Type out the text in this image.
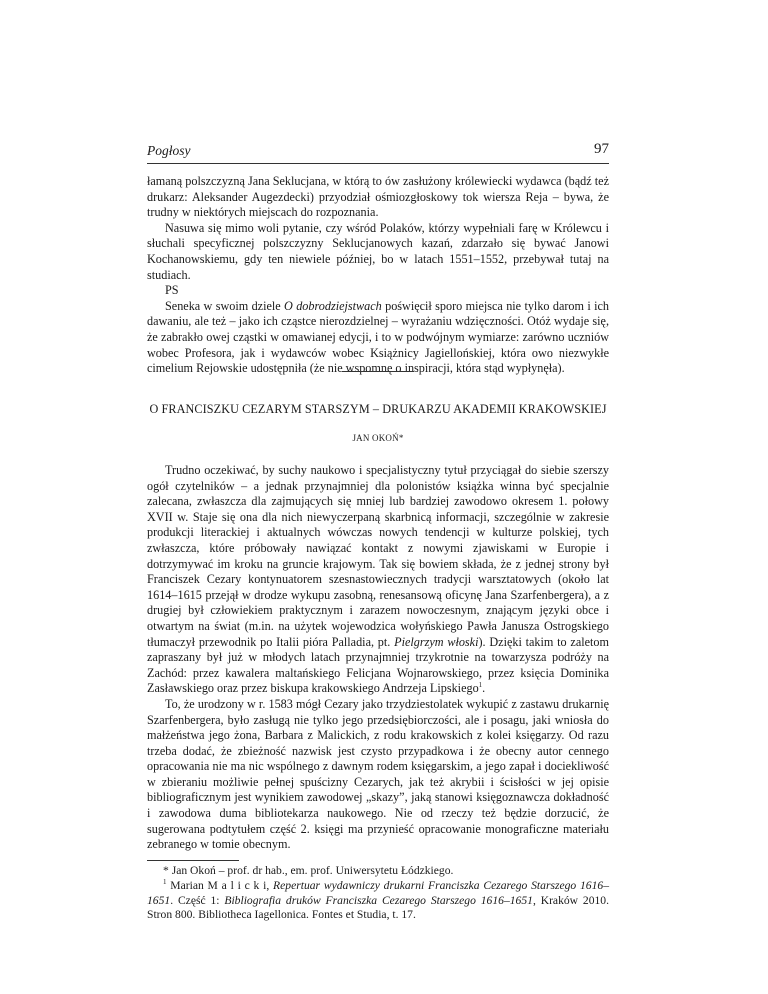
Pogłosy	97

łamaną polszczyzną Jana Seklucjana, w którą to ów zasłużony królewiecki wydawca (bądź też drukarz: Aleksander Augezdecki) przyodział ośmiozgłoskowy tok wiersza Reja – bywa, że trudny w niektórych miejscach do rozpoznania.

Nasuwa się mimo woli pytanie, czy wśród Polaków, którzy wypełniali farę w Królewcu i słuchali specyficznej polszczyzny Seklucjanowych kazań, zdarzało się bywać Janowi Kochanowskiemu, gdy ten niewiele później, bo w latach 1551–1552, przebywał tutaj na studiach.

PS

Seneka w swoim dziele O dobrodziejstwach poświęcił sporo miejsca nie tylko darom i ich dawaniu, ale też – jako ich cząstce nierozdzielnej – wyrażaniu wdzięczności. Otóż wydaje się, że zabrakło owej cząstki w omawianej edycji, i to w podwójnym wymiarze: zarówno uczniów wobec Profesora, jak i wydawców wobec Książnicy Jagiellońskiej, która owo niezwykłe cimelium Rejowskie udostępniła (że nie wspomnę o inspiracji, która stąd wypłynęła).

O FRANCISZKU CEZARYM STARSZYM – DRUKARZU AKADEMII KRAKOWSKIEJ
JAN OKOŃ*

Trudno oczekiwać, by suchy naukowo i specjalistyczny tytuł przyciągał do siebie szerszy ogół czytelników – a jednak przynajmniej dla polonistów książka winna być specjalnie zalecana, zwłaszcza dla zajmujących się mniej lub bardziej zawodowo okresem 1. połowy XVII w. Staje się ona dla nich niewyczerpaną skarbnicą informacji, szczególnie w zakresie produkcji literackiej i aktualnych wówczas nowych tendencji w kulturze polskiej, tych zwłaszcza, które próbowały nawiązać kontakt z nowymi zjawiskami w Europie i dotrzymywać im kroku na gruncie krajowym. Tak się bowiem składa, że z jednej strony był Franciszek Cezary kontynuatorem szesnastowiecznych tradycji warsztatowych (około lat 1614–1615 przejął w drodze wykupu zasobną, renesansową oficynę Jana Szarfenbergera), a z drugiej był człowiekiem praktycznym i zarazem nowoczesnym, znającym języki obce i otwartym na świat (m.in. na użytek wojewodzica wołyńskiego Pawła Janusza Ostrogskiego tłumaczył przewodnik po Italii pióra Palladia, pt. Pielgrzym włoski). Dzięki takim to zaletom zapraszany był już w młodych latach przynajmniej trzykrotnie na towarzysza podróży na Zachód: przez kawalera maltańskiego Felicjana Wojnarowskiego, przez księcia Dominika Zasławskiego oraz przez biskupa krakowskiego Andrzeja Lipskiego$^1$.

To, że urodzony w r. 1583 mógł Cezary jako trzydziestolatek wykupić z zastawu drukarnię Szarfenbergera, było zasługą nie tylko jego przedsiębiorczości, ale i posagu, jaki wniosła do małżeństwa jego żona, Barbara z Malickich, z rodu krakowskich z kolei księgarzy. Od razu trzeba dodać, że zbieżność nazwisk jest czysto przypadkowa i że obecny autor cennego opracowania nie ma nic wspólnego z dawnym rodem księgarskim, a jego zapał i dociekliwość w zbieraniu możliwie pełnej spuścizny Cezarych, jak też akrybii i ścisłości w jej opisie bibliograficznym jest wynikiem zawodowej „skazy”, jaką stanowi księgoznawcza dokładność i zawodowa duma bibliotekarza naukowego. Nie od rzeczy też będzie dorzucić, że sugerowana podtytułem część 2. księgi ma przynieść opracowanie monograficzne materiału zebranego w tomie obecnym.

* Jan Okoń – prof. dr hab., em. prof. Uniwersytetu Łódzkiego.

$^1$ Marian M a l i c k i, Repertuar wydawniczy drukarni Franciszka Cezarego Starszego 1616–1651. Część 1: Bibliografia druków Franciszka Cezarego Starszego 1616–1651, Kraków 2010. Stron 800. Bibliotheca Iagellonica. Fontes et Studia, t. 17.
